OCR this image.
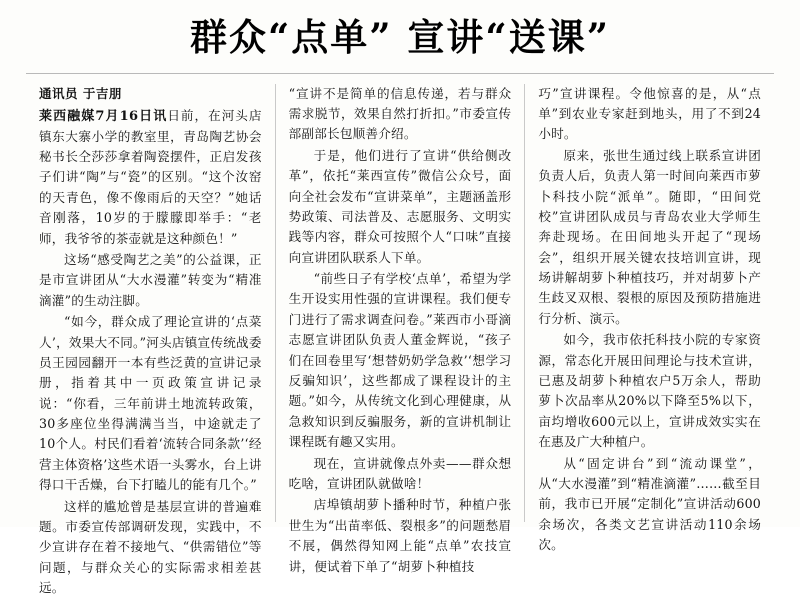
群众“点单” 宣讲“送课”
通讯员 于吉朋

莱西融媒7月16日讯日前，在河头店镇东大寨小学的教室里，青岛陶艺协会秘书长仝莎莎拿着陶瓷摆件，正启发孩子们讲“陶”与“瓷”的区别。“这个汝窑的天青色，像不像雨后的天空？”她话音刚落，10岁的于朦朦即举手：“老师，我爷爷的茶壶就是这种颜色！”

这场“感受陶艺之美”的公益课，正是市宣讲团从“大水漫灌”转变为“精准滴灌”的生动注脚。

“如今，群众成了理论宣讲的‘点菜人’，效果大不同。”河头店镇宣传统战委员王园园翻开一本有些泛黄的宣讲记录册，指着其中一页政策宣讲记录说：“你看，三年前讲土地流转政策，30多座位坐得满满当当，中途就走了10个人。村民们看着‘流转合同条款’‘经营主体资格’这些术语一头雾水，台上讲得口干舌燥，台下打瞌儿的能有几个。”

这样的尴尬曾是基层宣讲的普遍难题。市委宣传部调研发现，实践中，不少宣讲存在着不接地气、“供需错位”等问题，与群众关心的实际需求相差甚远。

“宣讲不是简单的信息传递，若与群众需求脱节，效果自然打折扣。”市委宣传部副部长包顺善介绍。

于是，他们进行了宣讲“供给侧改革”，依托“莱西宣传”微信公众号，面向全社会发布“宣讲菜单”，主题涵盖形势政策、司法普及、志愿服务、文明实践等内容，群众可按照个人“口味”直接向宣讲团队联系人下单。

“前些日子有学校‘点单’，希望为学生开设实用性强的宣讲课程。我们便专门进行了需求调查问卷。”莱西市小哥滴志愿宣讲团队负责人董金辉说，“孩子们在回卷里写‘想替奶奶学急救’‘想学习反骗知识’，这些都成了课程设计的主题。”如今，从传统文化到心理健康，从急救知识到反骗服务，新的宣讲机制让课程既有趣又实用。

现在，宣讲就像点外卖——群众想吃啥，宣讲团队就做啥！

店埠镇胡萝卜播种时节，种植户张世生为“出苗率低、裂根多”的问题愁眉不展，偶然得知网上能“点单”农技宣讲，便试着下单了“胡萝卜种植技

巧”宣讲课程。令他惊喜的是，从“点单”到农业专家赶到地头，用了不到24小时。

原来，张世生通过线上联系宣讲团负责人后，负责人第一时间向莱西市萝卜科技小院“派单”。随即，“田间党校”宣讲团队成员与青岛农业大学师生奔赴现场。在田间地头开起了“现场会”，组织开展关键农技培训宣讲，现场讲解胡萝卜种植技巧，并对胡萝卜产生歧叉双根、裂根的原因及预防措施进行分析、演示。

如今，我市依托科技小院的专家资源，常态化开展田间理论与技术宣讲，已惠及胡萝卜种植农户5万余人，帮助萝卜次品率从20%以下降至5%以下，亩均增收600元以上，宣讲成效实实在在惠及广大种植户。

从“固定讲台”到“流动课堂”，从“大水漫灌”到“精准滴灌”……截至目前，我市已开展“定制化”宣讲活动600余场次，各类文艺宣讲活动110余场次。
